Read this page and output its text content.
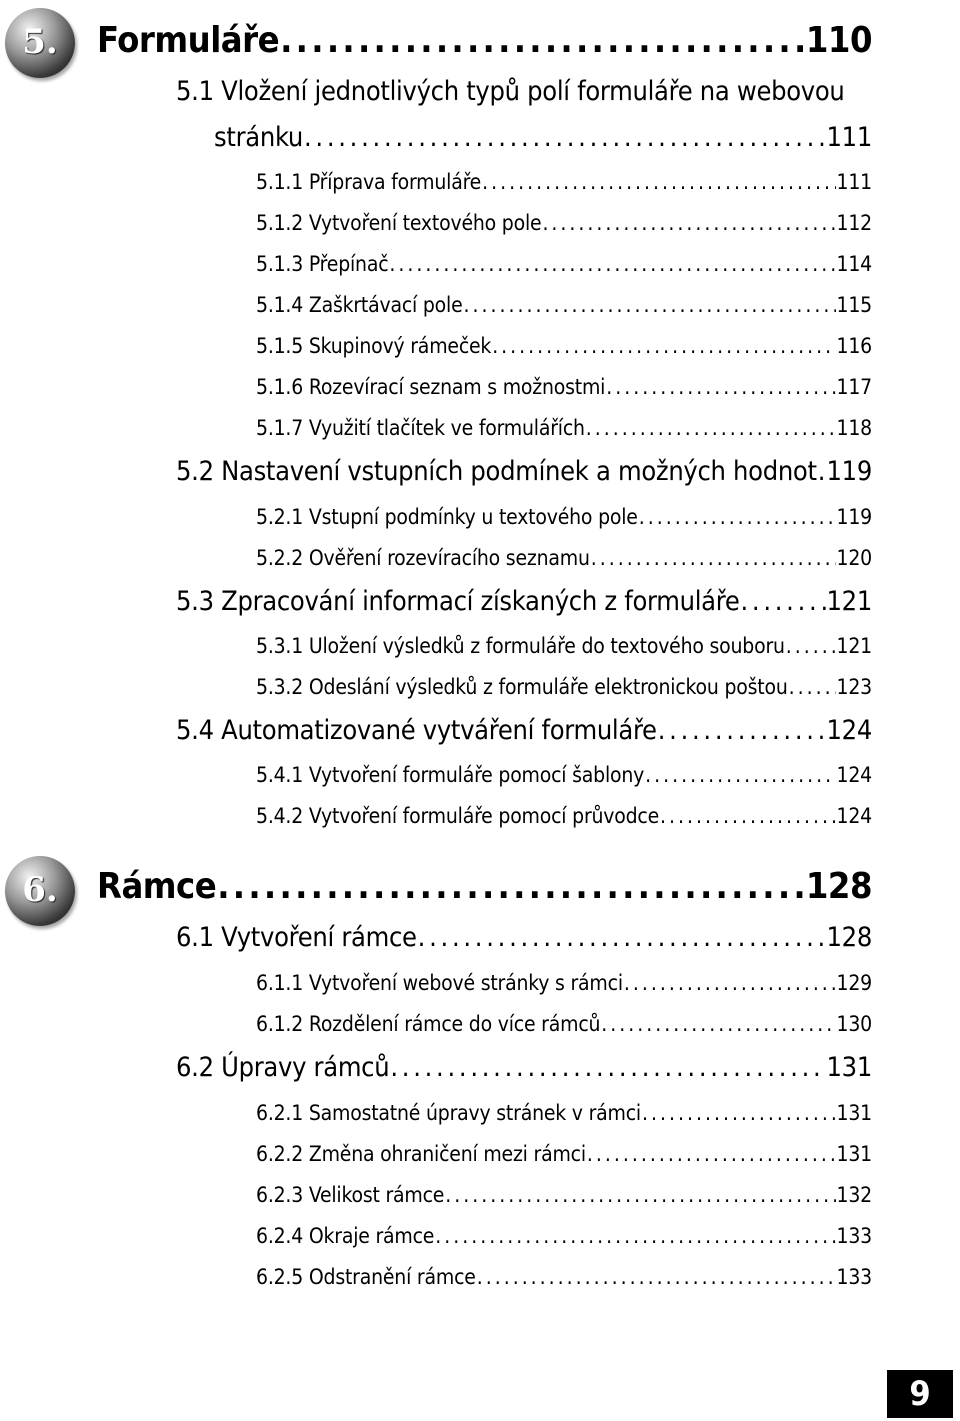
5.	Formuláře . . .	110
5.1 Vložení jednotlivých typů polí formuláře na webovou
stránku . . .	111
5.1.1 Příprava formuláře . . .	111
5.1.2 Vytvoření textového pole . . .	112
5.1.3 Přepínač . . .	114
5.1.4 Zaškrtávací pole . . .	115
5.1.5 Skupinový rámeček . . .	116
5.1.6 Rozevírací seznam s možnostmi . . .	117
5.1.7 Využití tlačítek ve formulářích . . .	118
5.2 Nastavení vstupních podmínek a možných hodnot . . . 119
5.2.1 Vstupní podmínky u textového pole . . .	119
5.2.2 Ověření rozevíracího seznamu . . .	120
5.3 Zpracování informací získaných z formuláře . . .	121
5.3.1 Uložení výsledků z formuláře do textového souboru . . . 121
5.3.2 Odeslání výsledků z formuláře elektronickou poštou . . . 123
5.4 Automatizované vytváření formuláře . . .	124
5.4.1 Vytvoření formuláře pomocí šablony . . .	124
5.4.2 Vytvoření formuláře pomocí průvodce . . .	124
6.	Rámce . . .	128
6.1 Vytvoření rámce . . .	128
6.1.1 Vytvoření webové stránky s rámci . . .	129
6.1.2 Rozdělení rámce do více rámců . . .	130
6.2 Úpravy rámců . . .	131
6.2.1 Samostatné úpravy stránek v rámci . . .	131
6.2.2 Změna ohraničení mezi rámci . . .	131
6.2.3 Velikost rámce . . .	132
6.2.4 Okraje rámce . . .	133
6.2.5 Odstranění rámce . . .	133
9
